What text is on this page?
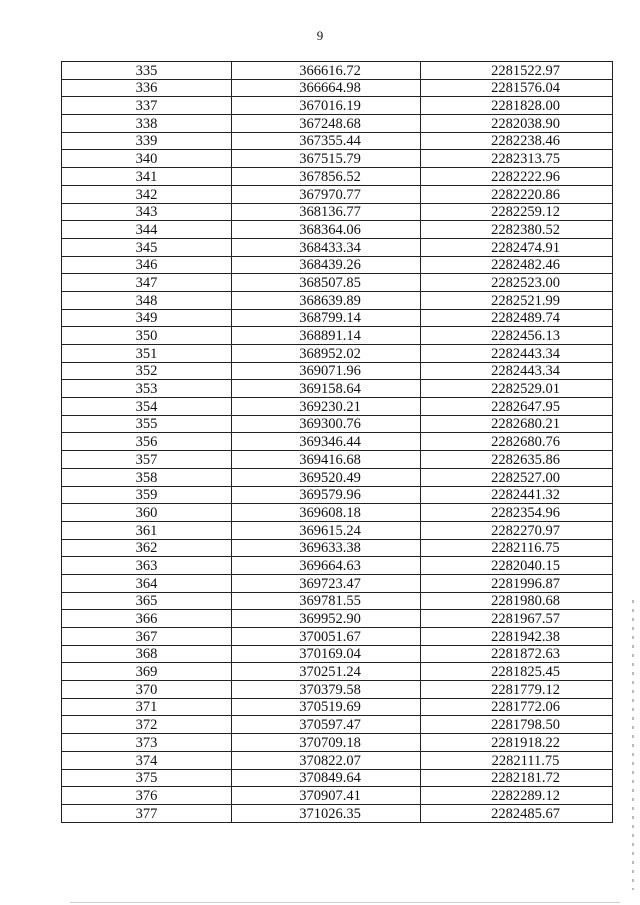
9
335	366616.72	2281522.97
336	366664.98	2281576.04
337	367016.19	2281828.00
338	367248.68	2282038.90
339	367355.44	2282238.46
340	367515.79	2282313.75
341	367856.52	2282222.96
342	367970.77	2282220.86
343	368136.77	2282259.12
344	368364.06	2282380.52
345	368433.34	2282474.91
346	368439.26	2282482.46
347	368507.85	2282523.00
348	368639.89	2282521.99
349	368799.14	2282489.74
350	368891.14	2282456.13
351	368952.02	2282443.34
352	369071.96	2282443.34
353	369158.64	2282529.01
354	369230.21	2282647.95
355	369300.76	2282680.21
356	369346.44	2282680.76
357	369416.68	2282635.86
358	369520.49	2282527.00
359	369579.96	2282441.32
360	369608.18	2282354.96
361	369615.24	2282270.97
362	369633.38	2282116.75
363	369664.63	2282040.15
364	369723.47	2281996.87
365	369781.55	2281980.68
366	369952.90	2281967.57
367	370051.67	2281942.38
368	370169.04	2281872.63
369	370251.24	2281825.45
370	370379.58	2281779.12
371	370519.69	2281772.06
372	370597.47	2281798.50
373	370709.18	2281918.22
374	370822.07	2282111.75
375	370849.64	2282181.72
376	370907.41	2282289.12
377	371026.35	2282485.67
